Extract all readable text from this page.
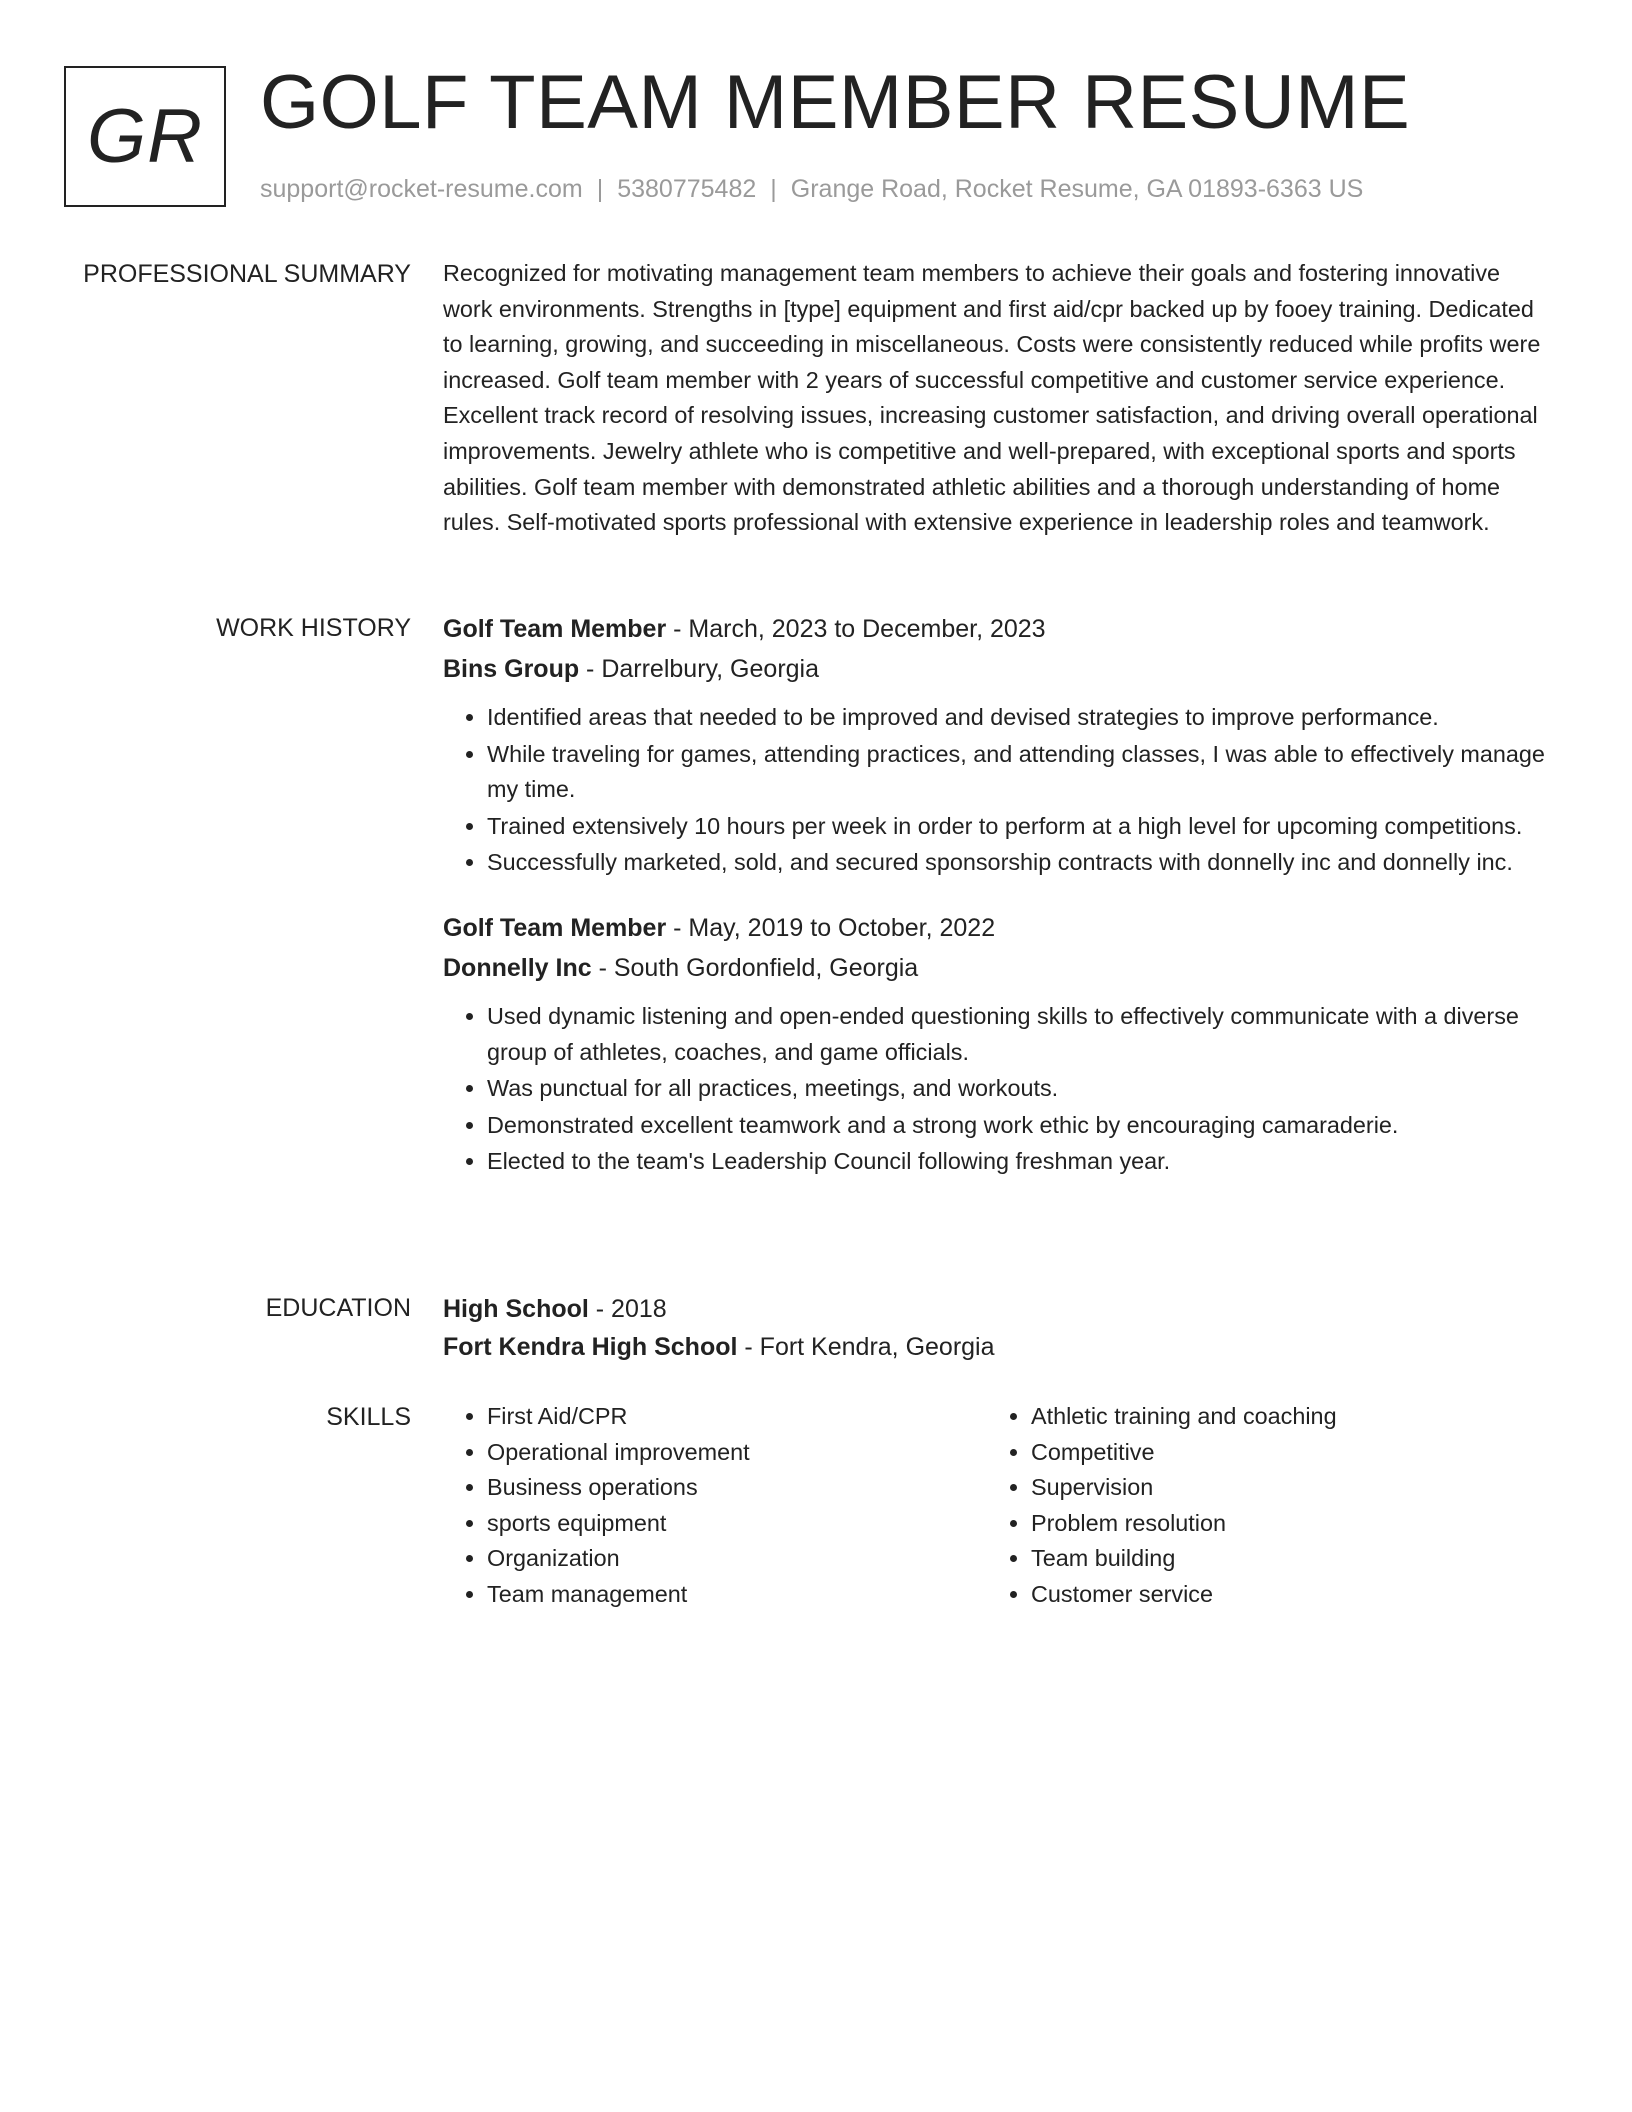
GR GOLF TEAM MEMBER RESUME
support@rocket-resume.com | 5380775482 | Grange Road, Rocket Resume, GA 01893-6363 US
PROFESSIONAL SUMMARY Recognized for motivating management team members to achieve their goals and fostering innovative work environments. Strengths in [type] equipment and first aid/cpr backed up by fooey training. Dedicated to learning, growing, and succeeding in miscellaneous. Costs were consistently reduced while profits were increased. Golf team member with 2 years of successful competitive and customer service experience. Excellent track record of resolving issues, increasing customer satisfaction, and driving overall operational improvements. Jewelry athlete who is competitive and well-prepared, with exceptional sports and sports abilities. Golf team member with demonstrated athletic abilities and a thorough understanding of home rules. Self-motivated sports professional with extensive experience in leadership roles and teamwork.

WORK HISTORY Golf Team Member - March, 2023 to December, 2023
Bins Group - Darrelbury, Georgia
• Identified areas that needed to be improved and devised strategies to improve performance.
• While traveling for games, attending practices, and attending classes, I was able to effectively manage my time.
• Trained extensively 10 hours per week in order to perform at a high level for upcoming competitions.
• Successfully marketed, sold, and secured sponsorship contracts with donnelly inc and donnelly inc.
Golf Team Member - May, 2019 to October, 2022
Donnelly Inc - South Gordonfield, Georgia
• Used dynamic listening and open-ended questioning skills to effectively communicate with a diverse group of athletes, coaches, and game officials.
• Was punctual for all practices, meetings, and workouts.
• Demonstrated excellent teamwork and a strong work ethic by encouraging camaraderie.
• Elected to the team's Leadership Council following freshman year.
EDUCATION High School - 2018
Fort Kendra High School - Fort Kendra, Georgia
SKILLS
•	First Aid/CPR
• Operational improvement
• Business operations
• sports equipment
• Organization
• Team management
• Athletic training and coaching
• Competitive
• Supervision
• Problem resolution
• Team building
• Customer service
